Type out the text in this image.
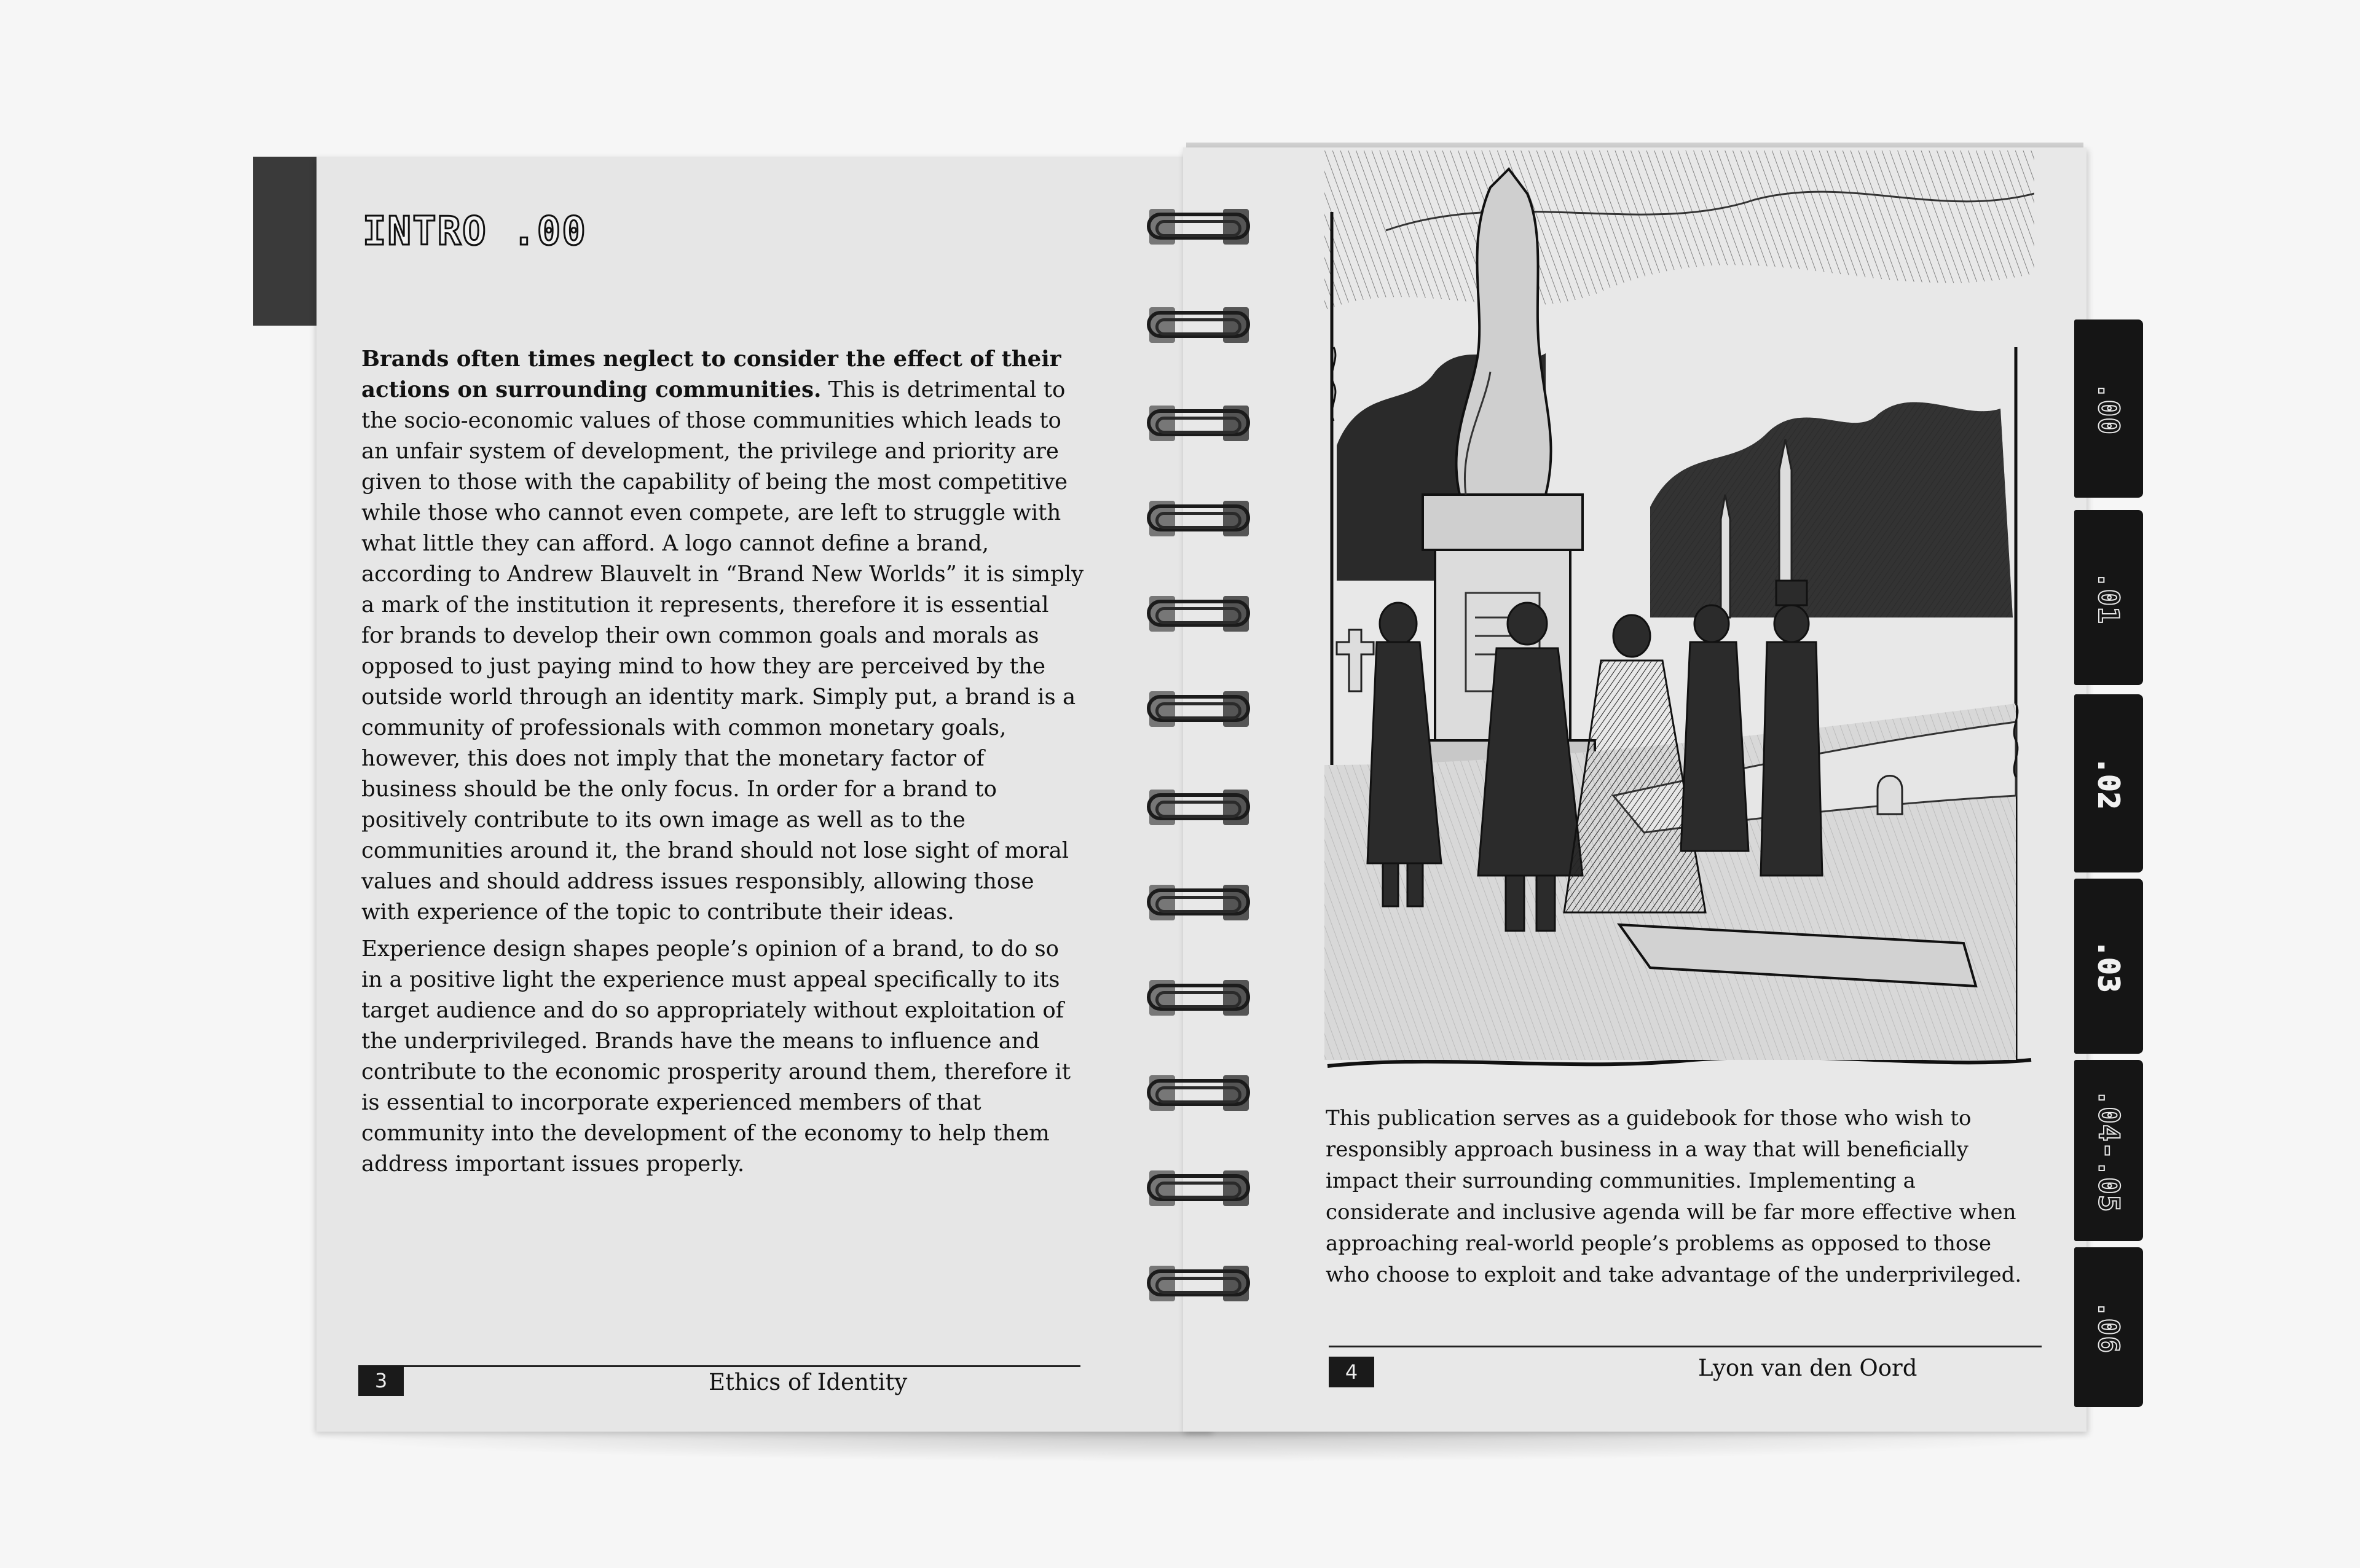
INTRO .00

Brands often times neglect to consider the effect of their actions on surrounding communities. This is detrimental to the socio-economic values of those communities which leads to an unfair system of development, the privilege and priority are given to those with the capability of being the most competitive while those who cannot even compete, are left to struggle with what little they can afford. A logo cannot define a brand, according to Andrew Blauvelt in “Brand New Worlds” it is simply a mark of the institution it represents, therefore it is essential for brands to develop their own common goals and morals as opposed to just paying mind to how they are perceived by the outside world through an identity mark. Simply put, a brand is a community of professionals with common monetary goals, however, this does not imply that the monetary factor of business should be the only focus. In order for a brand to positively contribute to its own image as well as to the communities around it, the brand should not lose sight of moral values and should address issues responsibly, allowing those with experience of the topic to contribute their ideas.

Experience design shapes people’s opinion of a brand, to do so in a positive light the experience must appeal specifically to its target audience and do so appropriately without exploitation of the underprivileged. Brands have the means to influence and contribute to the economic prosperity around them, therefore it is essential to incorporate experienced members of that community into the development of the economy to help them address important issues properly.

3	Ethics of Identity

This publication serves as a guidebook for those who wish to responsibly approach business in a way that will beneficially impact their surrounding communities. Implementing a considerate and inclusive agenda will be far more effective when approaching real-world people’s problems as opposed to those who choose to exploit and take advantage of the underprivileged.

4	Lyon van den Oord
.00
.01
.02
.03
.04-.05
.06
